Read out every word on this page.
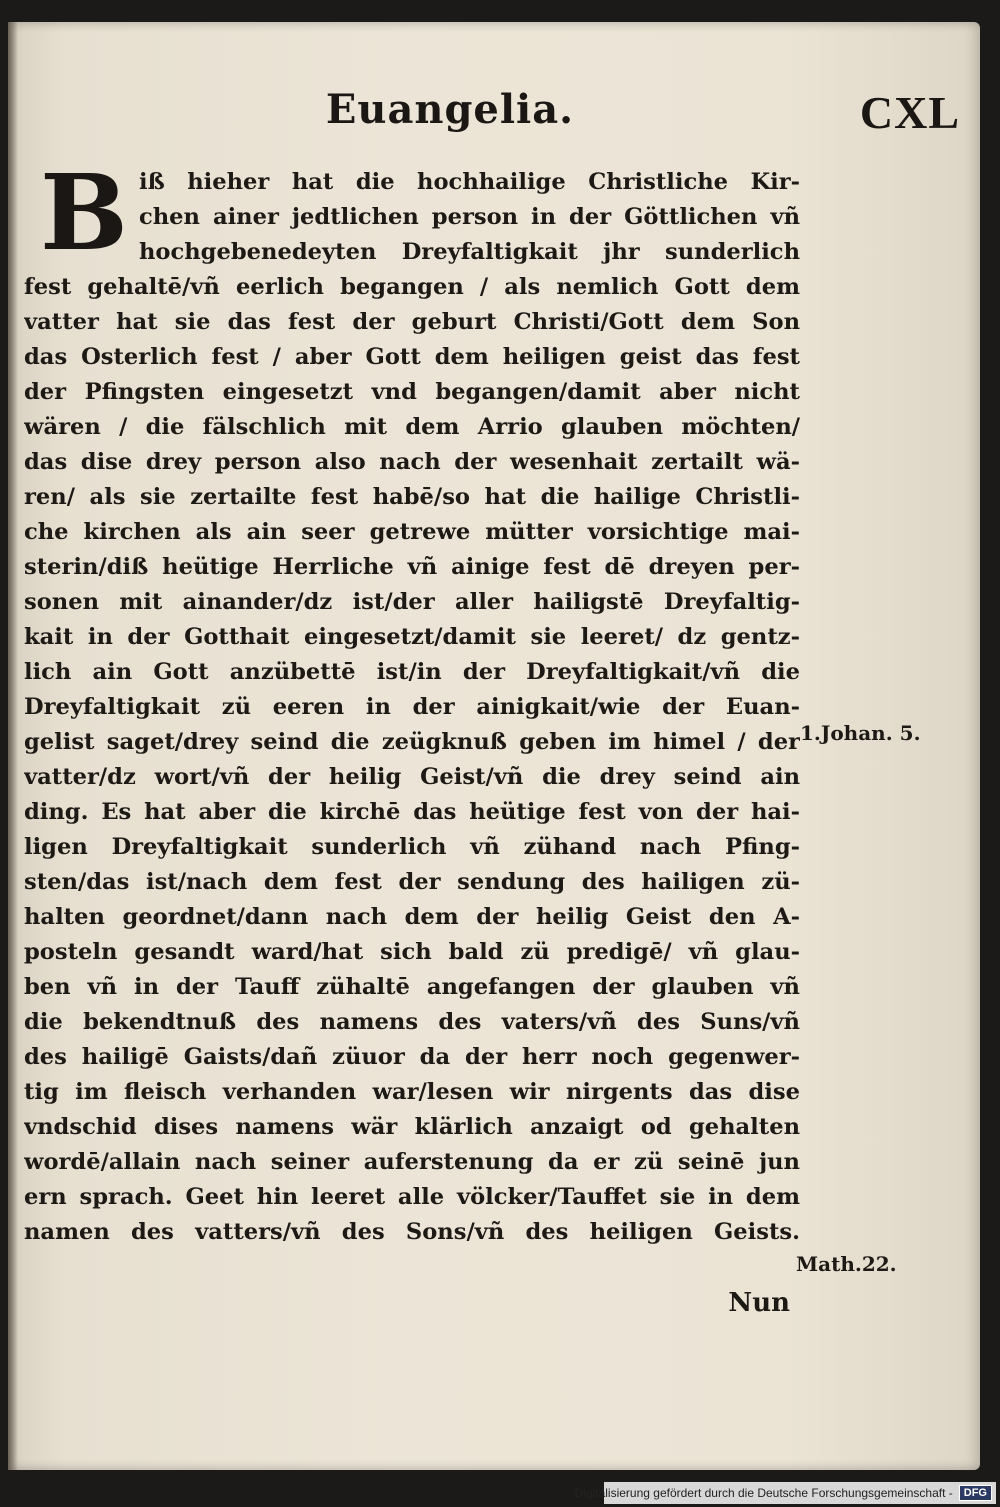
Euangelia.	CXL
B iß hieher hat die hochhailige Christliche Kir-
chen ainer jedtlichen person in der Göttlichen vñ
hochgebenedeyten Dreyfaltigkait jhr sunderlich
fest gehaltē/vñ eerlich begangen / als nemlich Gott dem
vatter hat sie das fest der geburt Christi/Gott dem Son
das Osterlich fest / aber Gott dem heiligen geist das fest
der Pfingsten eingesetzt vnd begangen/damit aber nicht
wären / die fälschlich mit dem Arrio glauben möchten/
das dise drey person also nach der wesenhait zertailt wä-
ren/ als sie zertailte fest habē/so hat die hailige Christli-
che kirchen als ain seer getrewe mütter vorsichtige mai-
sterin/diß heütige Herrliche vñ ainige fest dē dreyen per-
sonen mit ainander/dz ist/der aller hailigstē Dreyfaltig-
kait in der Gotthait eingesetzt/damit sie leeret/ dz gentz-
lich ain Gott anzübettē ist/in der Dreyfaltigkait/vñ die
Dreyfaltigkait zü eeren in der ainigkait/wie der Euan-
gelist saget/drey seind die zeügknuß geben im himel / der
vatter/dz wort/vñ der heilig Geist/vñ die drey seind ain
ding. Es hat aber die kirchē das heütige fest von der hai-
ligen Dreyfaltigkait sunderlich vñ zühand nach Pfing-
sten/das ist/nach dem fest der sendung des hailigen zü-
halten geordnet/dann nach dem der heilig Geist den A-
posteln gesandt ward/hat sich bald zü predigē/ vñ glau-
ben vñ in der Tauff zühaltē angefangen der glauben vñ
die bekendtnuß des namens des vaters/vñ des Suns/vñ
des hailigē Gaists/dañ züuor da der herr noch gegenwer-
tig im fleisch verhanden war/lesen wir nirgents das dise
vndschid dises namens wär klärlich anzaigt od gehalten
wordē/allain nach seiner auferstenung da er zü seinē jun
ern sprach. Geet hin leeret alle völcker/Tauffet sie in dem
namen des vatters/vñ des Sons/vñ des heiligen Geists.
1.Johan. 5.
Math.22.
Nun
Digitalisierung gefördert durch die Deutsche Forschungsgemeinschaft -	DFG
